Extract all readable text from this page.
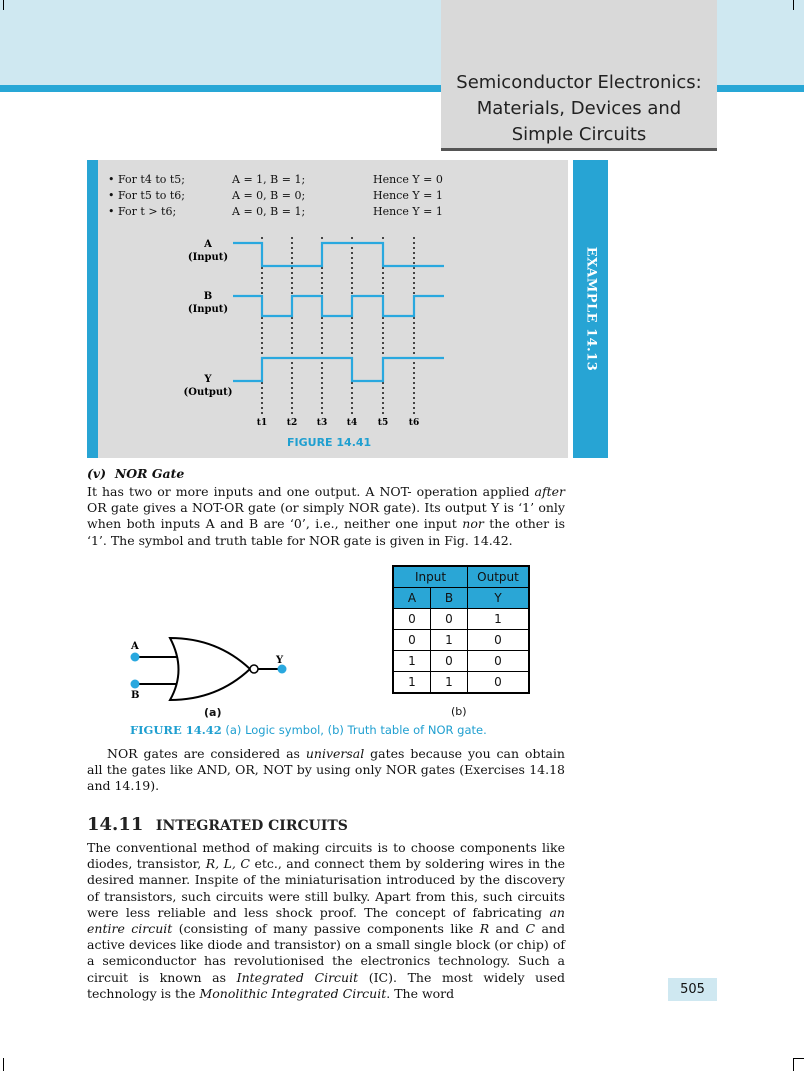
Semiconductor Electronics:
Materials, Devices and
Simple Circuits
EXAMPLE 14.13
• For t4 to t5;	A = 1, B = 1;	Hence Y = 0
• For t5 to t6;	A = 0, B = 0;	Hence Y = 1
• For t > t6;	A = 0, B = 1;	Hence Y = 1
A
(Input)
B
(Input)
Y
(Output)
t1 t2 t3 t4 t5 t6
FIGURE 14.41
(v) NOR Gate

It has two or more inputs and one output. A NOT- operation applied after OR gate gives a NOT-OR gate (or simply NOR gate). Its output Y is ‘1’ only when both inputs A and B are ‘0’, i.e., neither one input nor the other is ‘1’. The symbol and truth table for NOR gate is given in Fig. 14.42.

Input		Output
A	B	Y
0	0	1
0	1	0
1	0	0
1	1	0
A
B
Y
(a)	(b)
FIGURE 14.42 (a) Logic symbol, (b) Truth table of NOR gate.

NOR gates are considered as universal gates because you can obtain all the gates like AND, OR, NOT by using only NOR gates (Exercises 14.18 and 14.19).

14.11 INTEGRATED CIRCUITS

The conventional method of making circuits is to choose components like diodes, transistor, R, L, C etc., and connect them by soldering wires in the desired manner. Inspite of the miniaturisation introduced by the discovery of transistors, such circuits were still bulky. Apart from this, such circuits were less reliable and less shock proof. The concept of fabricating an entire circuit (consisting of many passive components like R and C and active devices like diode and transistor) on a small single block (or chip) of a semiconductor has revolutionised the electronics technology. Such a circuit is known as Integrated Circuit (IC). The most widely used technology is the Monolithic Integrated Circuit. The word	505
